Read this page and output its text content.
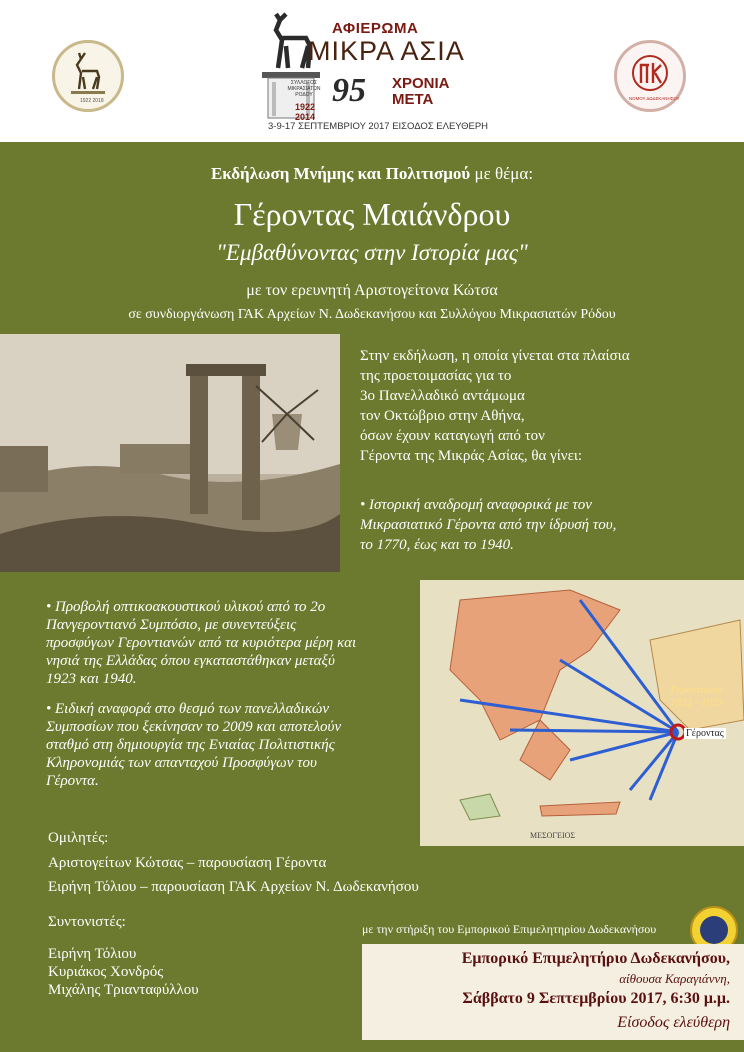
1922 2018
ΣΥΛΛΟΓΟΣ
ΜΙΚΡΑΣΙΑΤΩΝ
ΡΟΔΟΥ
1922
2014
ΑΦΙΕΡΩΜΑ
ΜΙΚΡΑ ΑΣΙΑ
95 ΧΡΟΝΙΑ
ΜΕΤΑ
3-9-17 ΣΕΠΤΕΜΒΡΙΟΥ 2017 ΕΙΣΟΔΟΣ ΕΛΕΥΘΕΡΗ
ΝΟΜΟΥ ΔΩΔΕΚΑΝΗΣΟΥ
Εκδήλωση Μνήμης και Πολιτισμού με θέμα:
Γέροντας Μαιάνδρου
"Εμβαθύνοντας στην Ιστορία μας"
με τον ερευνητή Αριστογείτονα Κώτσα
σε συνδιοργάνωση ΓΑΚ Αρχείων Ν. Δωδεκανήσου και Συλλόγου Μικρασιατών Ρόδου
Στην εκδήλωση, η οποία γίνεται στα πλαίσια
της προετοιμασίας για το
3ο Πανελλαδικό αντάμωμα
τον Οκτώβριο στην Αθήνα,
όσων έχουν καταγωγή από τον
Γέροντα της Μικράς Ασίας, θα γίνει:
• Ιστορική αναδρομή αναφορικά με τον
Μικρασιατικό Γέροντα από την ίδρυσή του,
το 1770, έως και το 1940.
ΜΕΣΟΓΕΙΟΣ
Γεροντιανοί
1922 - 1923
Γέροντας

• Προβολή οπτικοακουστικού υλικού από το 2ο
Πανγεροντιανό Συμπόσιο, με συνεντεύξεις
προσφύγων Γεροντιανών από τα κυριότερα μέρη και
νησιά της Ελλάδας όπου εγκαταστάθηκαν μεταξύ
1923 και 1940.

• Ειδική αναφορά στο θεσμό των πανελλαδικών
Συμποσίων που ξεκίνησαν το 2009 και αποτελούν
σταθμό στη δημιουργία της Ενιαίας Πολιτιστικής
Κληρονομιάς των απανταχού Προσφύγων του
Γέροντα.

Ομιλητές:
Αριστογείτων Κώτσας – παρουσίαση Γέροντα
Ειρήνη Τόλιου – παρουσίαση ΓΑΚ Αρχείων Ν. Δωδεκανήσου
Συντονιστές:
Ειρήνη Τόλιου
Κυριάκος Χονδρός
Μιχάλης Τριανταφύλλου
με την στήριξη του Εμπορικού Επιμελητηρίου Δωδεκανήσου
Εμπορικό Επιμελητήριο Δωδεκανήσου,
αίθουσα Καραγιάννη,
Σάββατο 9 Σεπτεμβρίου 2017, 6:30 μ.μ.
Είσοδος ελεύθερη
